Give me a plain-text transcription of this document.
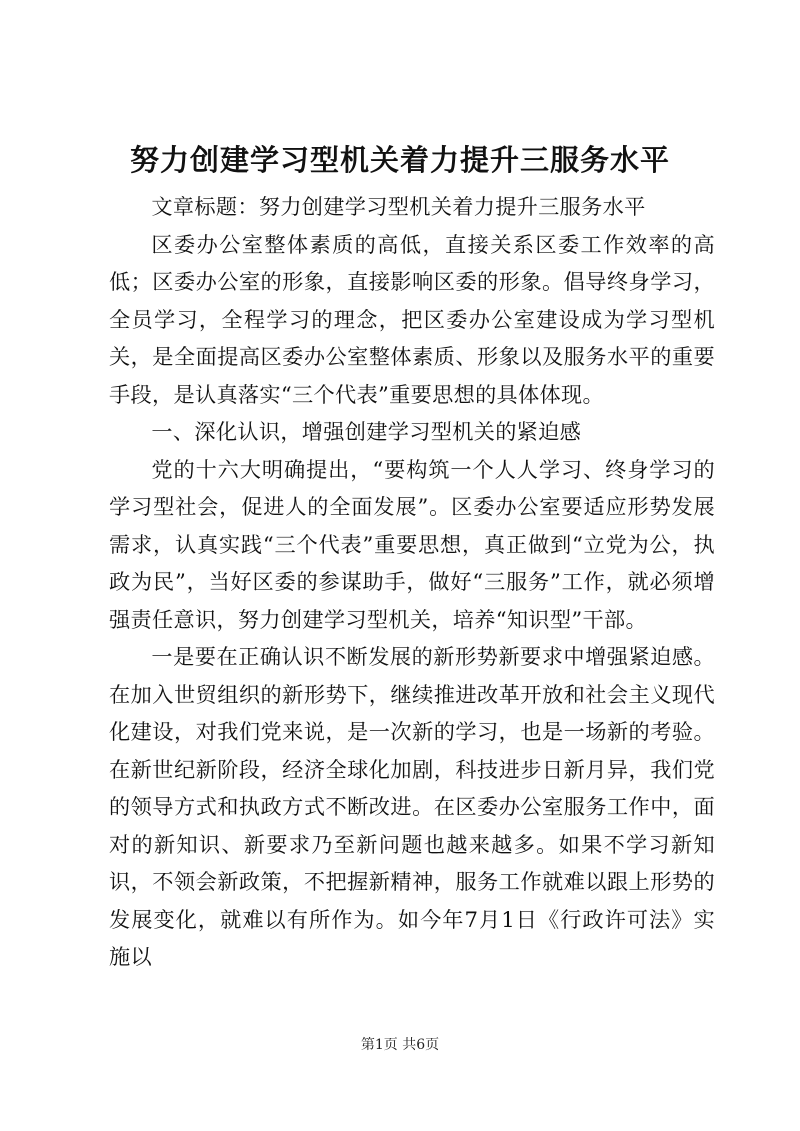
努力创建学习型机关着力提升三服务水平

文章标题：努力创建学习型机关着力提升三服务水平

区委办公室整体素质的高低，直接关系区委工作效率的高低；区委办公室的形象，直接影响区委的形象。倡导终身学习，全员学习，全程学习的理念，把区委办公室建设成为学习型机关，是全面提高区委办公室整体素质、形象以及服务水平的重要手段，是认真落实“三个代表”重要思想的具体体现。

一、深化认识，增强创建学习型机关的紧迫感

党的十六大明确提出，“要构筑一个人人学习、终身学习的学习型社会，促进人的全面发展”。区委办公室要适应形势发展需求，认真实践“三个代表”重要思想，真正做到“立党为公，执政为民”，当好区委的参谋助手，做好“三服务”工作，就必须增强责任意识，努力创建学习型机关，培养“知识型”干部。

一是要在正确认识不断发展的新形势新要求中增强紧迫感。在加入世贸组织的新形势下，继续推进改革开放和社会主义现代化建设，对我们党来说，是一次新的学习，也是一场新的考验。在新世纪新阶段，经济全球化加剧，科技进步日新月异，我们党的领导方式和执政方式不断改进。在区委办公室服务工作中，面对的新知识、新要求乃至新问题也越来越多。如果不学习新知识，不领会新政策，不把握新精神，服务工作就难以跟上形势的发展变化，就难以有所作为。如今年7月1日《行政许可法》实施以

第1页 共6页
